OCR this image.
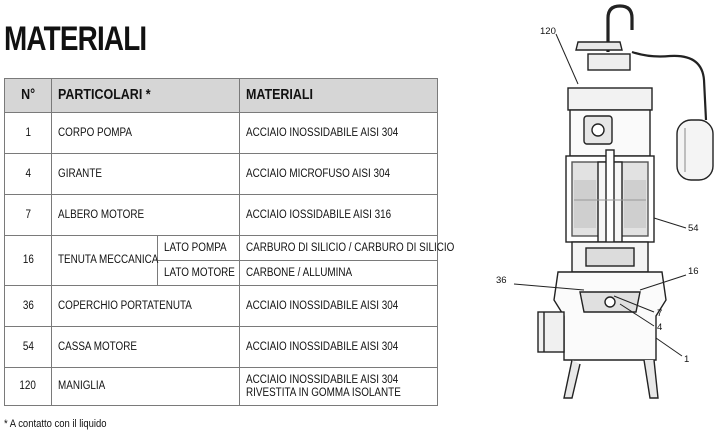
MATERIALI
N°	PARTICOLARI *		MATERIALI
1	CORPO POMPA		ACCIAIO INOSSIDABILE AISI 304
4	GIRANTE		ACCIAIO MICROFUSO AISI 304
7	ALBERO MOTORE		ACCIAIO IOSSIDABILE AISI 316
16	TENUTA MECCANICA	LATO POMPA	CARBURO DI SILICIO / CARBURO DI SILICIO
		LATO MOTORE	CARBONE / ALLUMINA
36	COPERCHIO PORTATENUTA		ACCIAIO INOSSIDABILE AISI 304
54	CASSA MOTORE		ACCIAIO INOSSIDABILE AISI 304
120	MANIGLIA		ACCIAIO INOSSIDABILE AISI 304
RIVESTITA IN GOMMA ISOLANTE
* A contatto con il liquido
120
54
36
16
7
4
1
